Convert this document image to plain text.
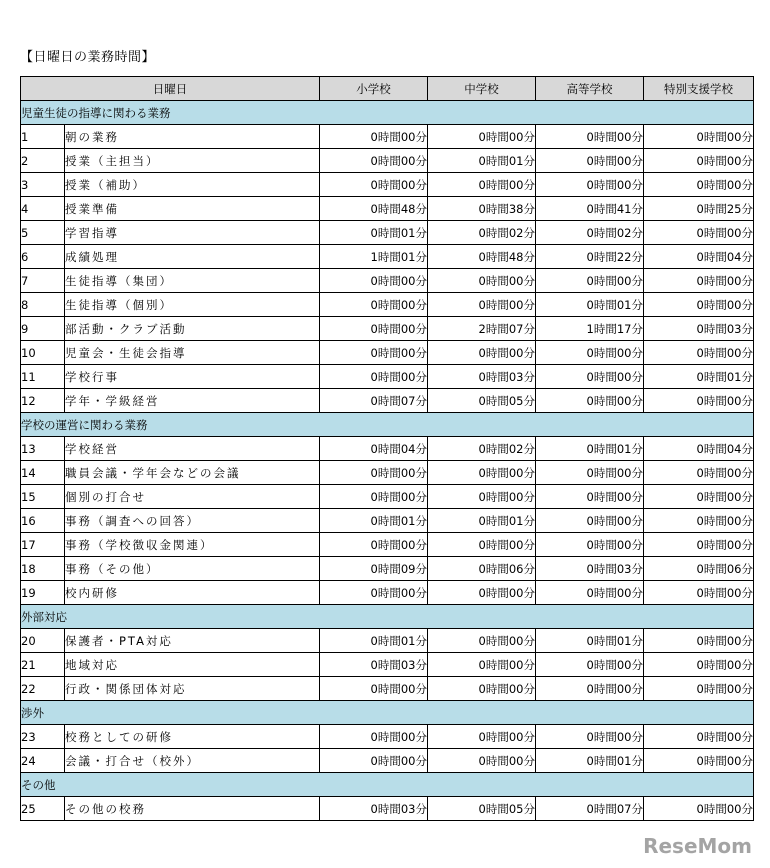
【日曜日の業務時間】
日曜日		小学校	中学校	高等学校	特別支援学校
児童生徒の指導に関わる業務					
1	朝の業務	0時間00分	0時間00分	0時間00分	0時間00分
2	授業（主担当）	0時間00分	0時間01分	0時間00分	0時間00分
3	授業（補助）	0時間00分	0時間00分	0時間00分	0時間00分
4	授業準備	0時間48分	0時間38分	0時間41分	0時間25分
5	学習指導	0時間01分	0時間02分	0時間02分	0時間00分
6	成績処理	1時間01分	0時間48分	0時間22分	0時間04分
7	生徒指導（集団）	0時間00分	0時間00分	0時間00分	0時間00分
8	生徒指導（個別）	0時間00分	0時間00分	0時間01分	0時間00分
9	部活動・クラブ活動	0時間00分	2時間07分	1時間17分	0時間03分
10	児童会・生徒会指導	0時間00分	0時間00分	0時間00分	0時間00分
11	学校行事	0時間00分	0時間03分	0時間00分	0時間01分
12	学年・学級経営	0時間07分	0時間05分	0時間00分	0時間00分
学校の運営に関わる業務					
13	学校経営	0時間04分	0時間02分	0時間01分	0時間04分
14	職員会議・学年会などの会議	0時間00分	0時間00分	0時間00分	0時間00分
15	個別の打合せ	0時間00分	0時間00分	0時間00分	0時間00分
16	事務（調査への回答）	0時間01分	0時間01分	0時間00分	0時間00分
17	事務（学校徴収金関連）	0時間00分	0時間00分	0時間00分	0時間00分
18	事務（その他）	0時間09分	0時間06分	0時間03分	0時間06分
19	校内研修	0時間00分	0時間00分	0時間00分	0時間00分
外部対応					
20	保護者・PTA対応	0時間01分	0時間00分	0時間01分	0時間00分
21	地域対応	0時間03分	0時間00分	0時間00分	0時間00分
22	行政・関係団体対応	0時間00分	0時間00分	0時間00分	0時間00分
渉外					
23	校務としての研修	0時間00分	0時間00分	0時間00分	0時間00分
24	会議・打合せ（校外）	0時間00分	0時間00分	0時間01分	0時間00分
その他					
25	その他の校務	0時間03分	0時間05分	0時間07分	0時間00分
ReseMom
